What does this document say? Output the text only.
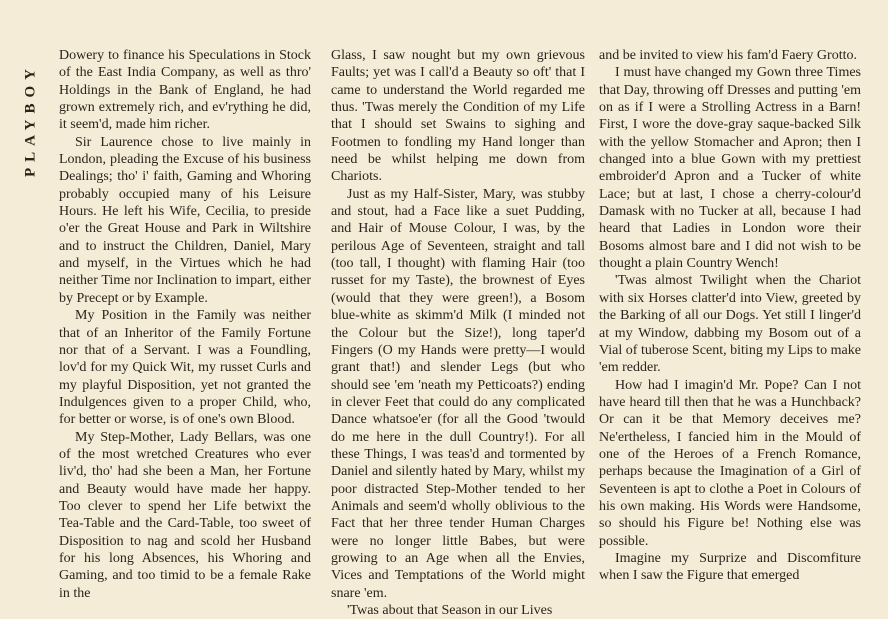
PLAYBOY

Dowery to finance his Speculations in Stock of the East India Company, as well as thro' Holdings in the Bank of England, he had grown extremely rich, and ev'rything he did, it seem'd, made him richer.

Sir Laurence chose to live mainly in London, pleading the Excuse of his business Dealings; tho' i' faith, Gaming and Whoring probably occupied many of his Leisure Hours. He left his Wife, Cecilia, to preside o'er the Great House and Park in Wiltshire and to instruct the Children, Daniel, Mary and myself, in the Virtues which he had neither Time nor Inclination to impart, either by Precept or by Example.

My Position in the Family was neither that of an Inheritor of the Family Fortune nor that of a Servant. I was a Foundling, lov'd for my Quick Wit, my russet Curls and my playful Disposition, yet not granted the Indulgences given to a proper Child, who, for better or worse, is of one's own Blood.

My Step-Mother, Lady Bellars, was one of the most wretched Creatures who ever liv'd, tho' had she been a Man, her Fortune and Beauty would have made her happy. Too clever to spend her Life betwixt the Tea-Table and the Card-Table, too sweet of Disposition to nag and scold her Husband for his long Absences, his Whoring and Gaming, and too timid to be a female Rake in the

Glass, I saw nought but my own grievous Faults; yet was I call'd a Beauty so oft' that I came to understand the World regarded me thus. 'Twas merely the Condition of my Life that I should set Swains to sighing and Footmen to fondling my Hand longer than need be whilst helping me down from Chariots.

Just as my Half-Sister, Mary, was stubby and stout, had a Face like a suet Pudding, and Hair of Mouse Colour, I was, by the perilous Age of Seventeen, straight and tall (too tall, I thought) with flaming Hair (too russet for my Taste), the brownest of Eyes (would that they were green!), a Bosom blue-white as skimm'd Milk (I minded not the Colour but the Size!), long taper'd Fingers (O my Hands were pretty—I would grant that!) and slender Legs (but who should see 'em 'neath my Petticoats?) ending in clever Feet that could do any complicated Dance whatsoe'er (for all the Good 'twould do me here in the dull Country!). For all these Things, I was teas'd and tormented by Daniel and silently hated by Mary, whilst my poor distracted Step-Mother tended to her Animals and seem'd wholly oblivious to the Fact that her three tender Human Charges were no longer little Babes, but were growing to an Age when all the Envies, Vices and Temptations of the World might snare 'em.

'Twas about that Season in our Lives

and be invited to view his fam'd Faery Grotto.

I must have changed my Gown three Times that Day, throwing off Dresses and putting 'em on as if I were a Strolling Actress in a Barn! First, I wore the dove-gray saque-backed Silk with the yellow Stomacher and Apron; then I changed into a blue Gown with my prettiest embroider'd Apron and a Tucker of white Lace; but at last, I chose a cherry-colour'd Damask with no Tucker at all, because I had heard that Ladies in London wore their Bosoms almost bare and I did not wish to be thought a plain Country Wench!

'Twas almost Twilight when the Chariot with six Horses clatter'd into View, greeted by the Barking of all our Dogs. Yet still I linger'd at my Window, dabbing my Bosom out of a Vial of tuberose Scent, biting my Lips to make 'em redder.

How had I imagin'd Mr. Pope? Can I not have heard till then that he was a Hunchback? Or can it be that Memory deceives me? Ne'ertheless, I fancied him in the Mould of one of the Heroes of a French Romance, perhaps because the Imagination of a Girl of Seventeen is apt to clothe a Poet in Colours of his own making. His Words were Handsome, so should his Figure be! Nothing else was possible.

Imagine my Surprize and Discomfiture when I saw the Figure that emerged
